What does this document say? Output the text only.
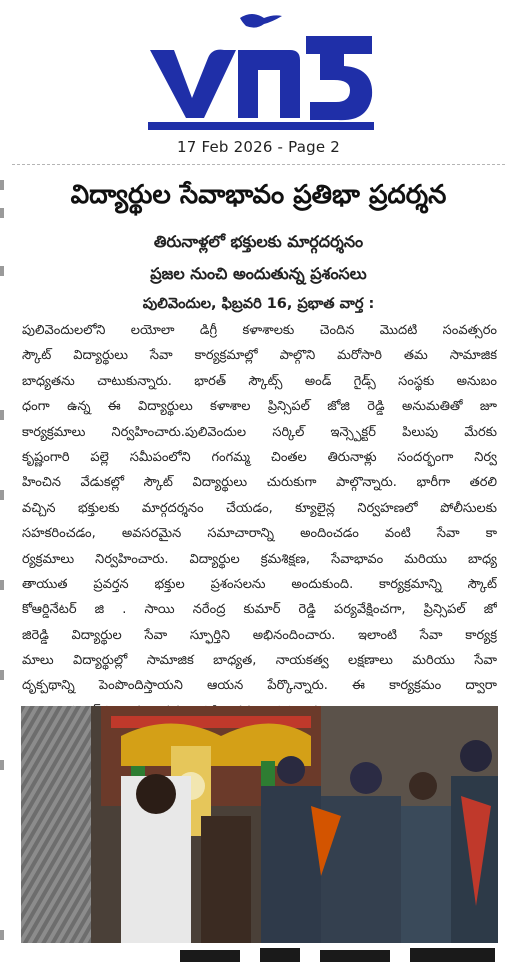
17 Feb 2026 - Page 2
విద్యార్థుల సేవాభావం ప్రతిభా ప్రదర్శన
తిరునాళ్లలో భక్తులకు మార్గదర్శనం
ప్రజల నుంచి అందుతున్న ప్రశంసలు
పులివెందుల, ఫిబ్రవరి 16, ప్రభాత వార్త :
పులివెందులలోని లయోలా డిగ్రీ కళాశాలకు చెందిన మొదటి సంవత్సరం
స్కౌట్ విద్యార్థులు సేవా కార్యక్రమాల్లో పాల్గొని మరోసారి తమ సామాజిక
బాధ్యతను చాటుకున్నారు. భారత్ స్కౌట్స్ అండ్ గైడ్స్ సంస్థకు అనుబం
ధంగా ఉన్న ఈ విద్యార్థులు కళాశాల ప్రిన్సిపల్ జోజి రెడ్డి అనుమతితో జూ
కార్యక్రమాలు నిర్వహించారు.పులివెందుల సర్కిల్ ఇన్స్పెక్టర్ పిలుపు మేరకు
కృష్ణంగారి పల్లె సమీపంలోని గంగమ్మ చింతల తిరునాళ్లు సందర్భంగా నిర్వ
హించిన వేడుకల్లో స్కౌట్ విద్యార్థులు చురుకుగా పాల్గొన్నారు. భారీగా తరలి
వచ్చిన భక్తులకు మార్గదర్శనం చేయడం, క్యూలైన్ల నిర్వహణలో పోలీసులకు
సహకరించడం, అవసరమైన సమాచారాన్ని అందించడం వంటి సేవా కా
ర్యక్రమాలు నిర్వహించారు. విద్యార్థుల క్రమశిక్షణ, సేవాభావం మరియు బాధ్య
తాయుత ప్రవర్తన భక్తుల ప్రశంసలను అందుకుంది. కార్యక్రమాన్ని స్కౌట్
కోఆర్డినేటర్ జి . సాయి నరేంద్ర కుమార్ రెడ్డి పర్యవేక్షించగా, ప్రిన్సిపల్ జో
జిరెడ్డి విద్యార్థుల సేవా స్ఫూర్తిని అభినందించారు. ఇలాంటి సేవా కార్యక్ర
మాలు విద్యార్థుల్లో సామాజిక బాధ్యత, నాయకత్వ లక్షణాలు మరియు సేవా
దృక్పథాన్ని పెంపొందిస్తాయని ఆయన పేర్కొన్నారు. ఈ కార్యక్రమం ద్వారా
